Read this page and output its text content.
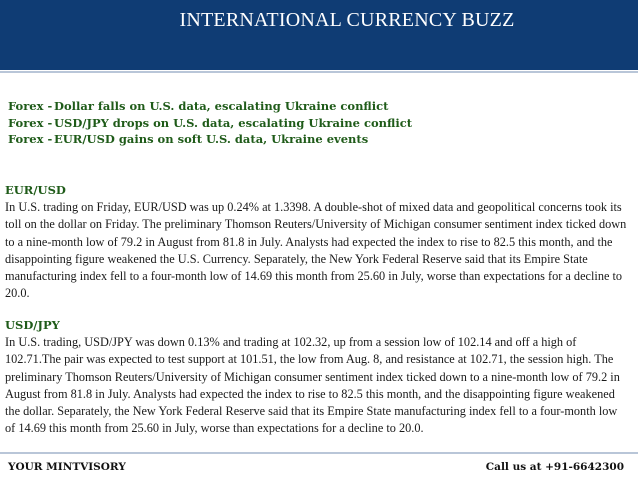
INTERNATIONAL CURRENCY BUZZ
Forex - Dollar falls on U.S. data, escalating Ukraine conflict
Forex - USD/JPY drops on U.S. data, escalating Ukraine conflict
Forex - EUR/USD gains on soft U.S. data, Ukraine events
EUR/USD
In U.S. trading on Friday, EUR/USD was up 0.24% at 1.3398. A double-shot of mixed data and geopolitical concerns took its toll on the dollar on Friday. The preliminary Thomson Reuters/University of Michigan consumer sentiment index ticked down to a nine-month low of 79.2 in August from 81.8 in July. Analysts had expected the index to rise to 82.5 this month, and the disappointing figure weakened the U.S. Currency. Separately, the New York Federal Reserve said that its Empire State manufacturing index fell to a four-month low of 14.69 this month from 25.60 in July, worse than expectations for a decline to 20.0.
USD/JPY
In U.S. trading, USD/JPY was down 0.13% and trading at 102.32, up from a session low of 102.14 and off a high of 102.71.The pair was expected to test support at 101.51, the low from Aug. 8, and resistance at 102.71, the session high. The preliminary Thomson Reuters/University of Michigan consumer sentiment index ticked down to a nine-month low of 79.2 in August from 81.8 in July. Analysts had expected the index to rise to 82.5 this month, and the disappointing figure weakened the dollar. Separately, the New York Federal Reserve said that its Empire State manufacturing index fell to a four-month low of 14.69 this month from 25.60 in July, worse than expectations for a decline to 20.0.
YOUR MINTVISORY	Call us at +91-6642300
